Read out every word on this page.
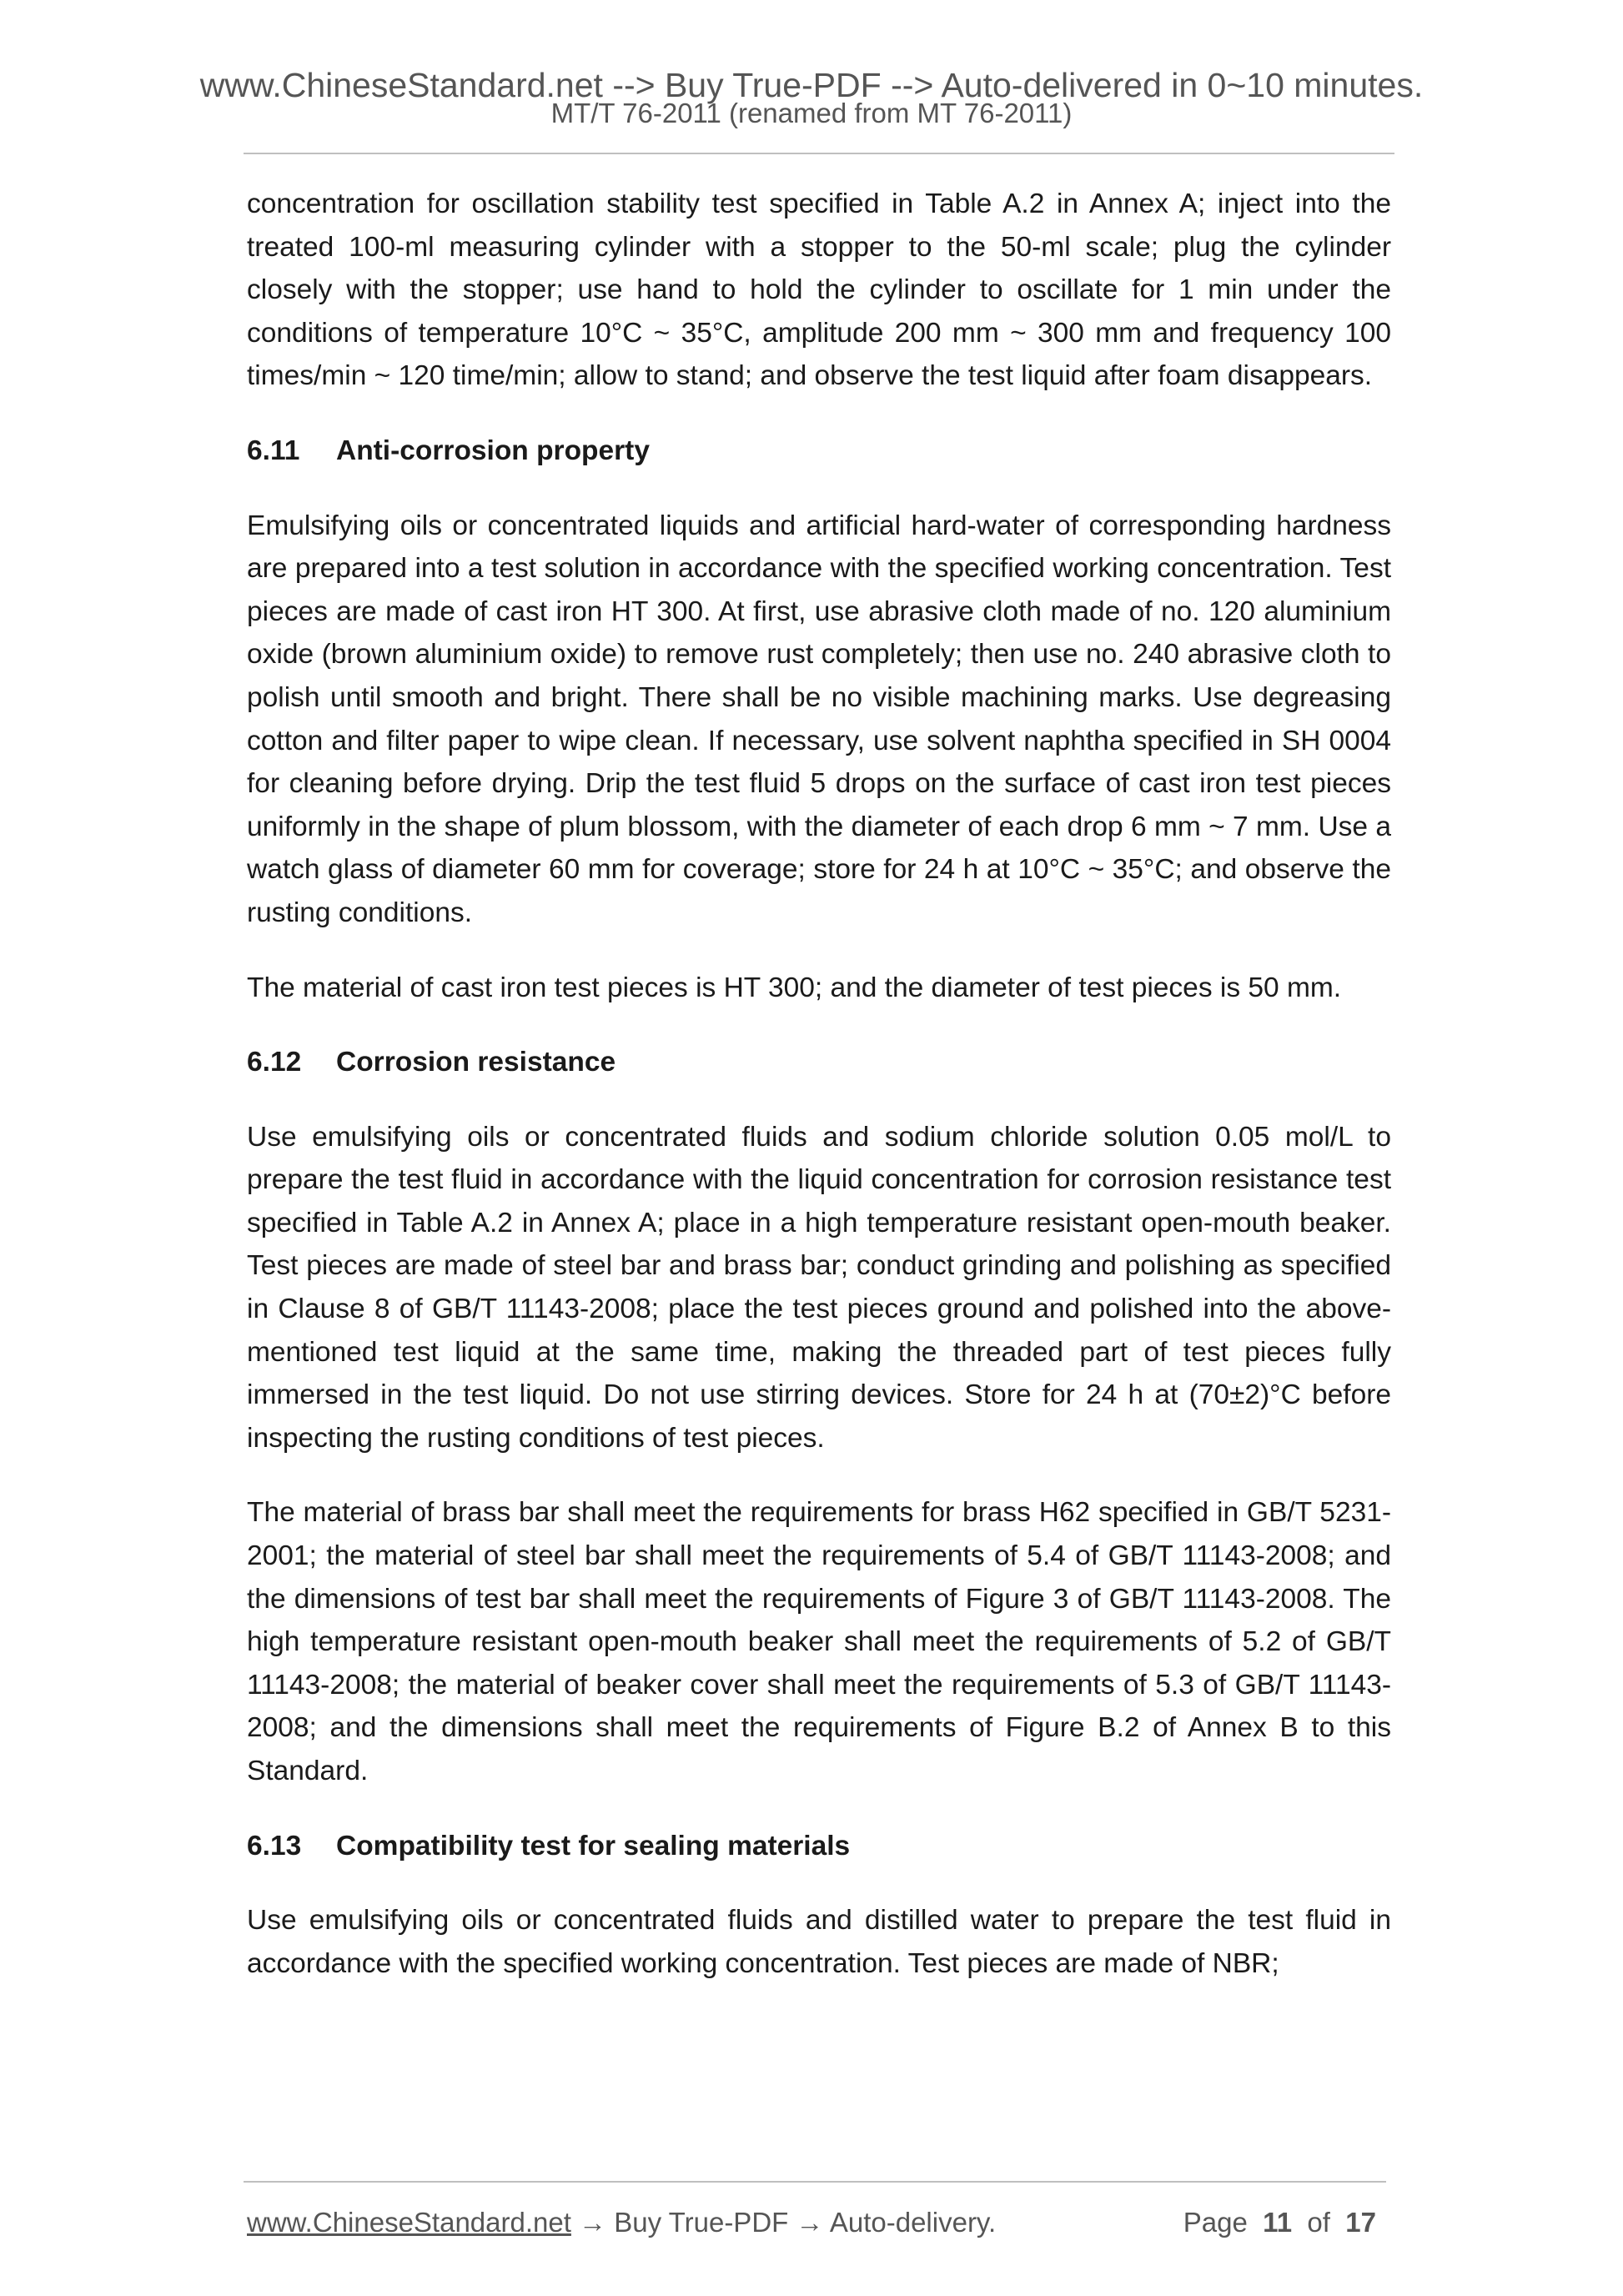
www.ChineseStandard.net --> Buy True-PDF --> Auto-delivered in 0~10 minutes.
MT/T 76-2011 (renamed from MT 76-2011)

concentration for oscillation stability test specified in Table A.2 in Annex A; inject into the treated 100-ml measuring cylinder with a stopper to the 50-ml scale; plug the cylinder closely with the stopper; use hand to hold the cylinder to oscillate for 1 min under the conditions of temperature 10°C ~ 35°C, amplitude 200 mm ~ 300 mm and frequency 100 times/min ~ 120 time/min; allow to stand; and observe the test liquid after foam disappears.

6.11 Anti-corrosion property

Emulsifying oils or concentrated liquids and artificial hard-water of corresponding hardness are prepared into a test solution in accordance with the specified working concentration. Test pieces are made of cast iron HT 300. At first, use abrasive cloth made of no. 120 aluminium oxide (brown aluminium oxide) to remove rust completely; then use no. 240 abrasive cloth to polish until smooth and bright. There shall be no visible machining marks. Use degreasing cotton and filter paper to wipe clean. If necessary, use solvent naphtha specified in SH 0004 for cleaning before drying. Drip the test fluid 5 drops on the surface of cast iron test pieces uniformly in the shape of plum blossom, with the diameter of each drop 6 mm ~ 7 mm. Use a watch glass of diameter 60 mm for coverage; store for 24 h at 10°C ~ 35°C; and observe the rusting conditions.

The material of cast iron test pieces is HT 300; and the diameter of test pieces is 50 mm.

6.12 Corrosion resistance

Use emulsifying oils or concentrated fluids and sodium chloride solution 0.05 mol/L to prepare the test fluid in accordance with the liquid concentration for corrosion resistance test specified in Table A.2 in Annex A; place in a high temperature resistant open-mouth beaker. Test pieces are made of steel bar and brass bar; conduct grinding and polishing as specified in Clause 8 of GB/T 11143-2008; place the test pieces ground and polished into the above-mentioned test liquid at the same time, making the threaded part of test pieces fully immersed in the test liquid. Do not use stirring devices. Store for 24 h at (70±2)°C before inspecting the rusting conditions of test pieces.

The material of brass bar shall meet the requirements for brass H62 specified in GB/T 5231-2001; the material of steel bar shall meet the requirements of 5.4 of GB/T 11143-2008; and the dimensions of test bar shall meet the requirements of Figure 3 of GB/T 11143-2008. The high temperature resistant open-mouth beaker shall meet the requirements of 5.2 of GB/T 11143-2008; the material of beaker cover shall meet the requirements of 5.3 of GB/T 11143-2008; and the dimensions shall meet the requirements of Figure B.2 of Annex B to this Standard.

6.13 Compatibility test for sealing materials

Use emulsifying oils or concentrated fluids and distilled water to prepare the test fluid in accordance with the specified working concentration. Test pieces are made of NBR;

www.ChineseStandard.net → Buy True-PDF → Auto-delivery.	Page 11 of 17
